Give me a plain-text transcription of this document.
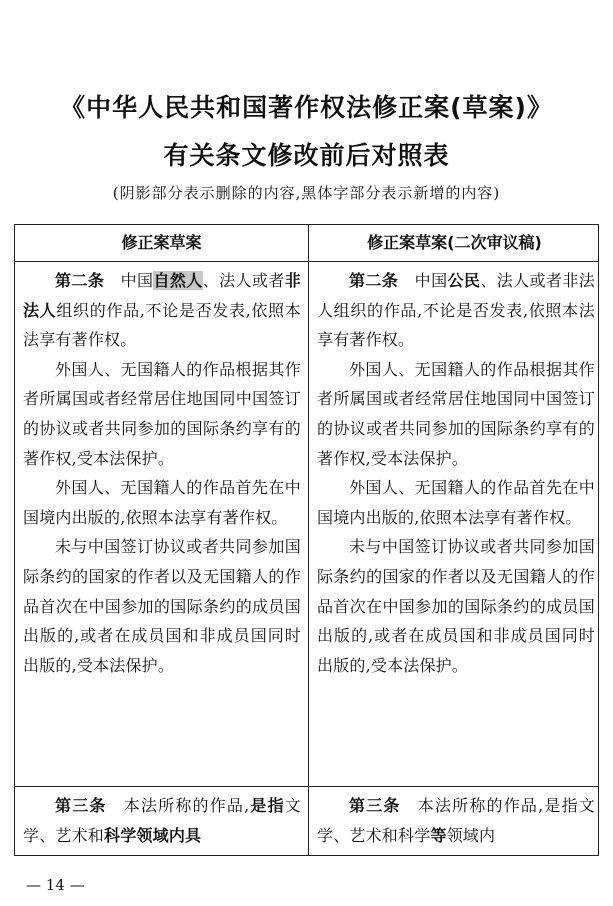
《中华人民共和国著作权法修正案(草案)》
有关条文修改前后对照表
(阴影部分表示删除的内容,黑体字部分表示新增的内容)
修正案草案	修正案草案(二次审议稿)

第二条  中国自然人、法人或者非法人组织的作品,不论是否发表,依照本法享有著作权。

外国人、无国籍人的作品根据其作者所属国或者经常居住地国同中国签订的协议或者共同参加的国际条约享有的著作权,受本法保护。

外国人、无国籍人的作品首先在中国境内出版的,依照本法享有著作权。

未与中国签订协议或者共同参加国际条约的国家的作者以及无国籍人的作品首次在中国参加的国际条约的成员国出版的,或者在成员国和非成员国同时出版的,受本法保护。

第二条  中国公民、法人或者非法人组织的作品,不论是否发表,依照本法享有著作权。

外国人、无国籍人的作品根据其作者所属国或者经常居住地国同中国签订的协议或者共同参加的国际条约享有的著作权,受本法保护。

外国人、无国籍人的作品首先在中国境内出版的,依照本法享有著作权。

未与中国签订协议或者共同参加国际条约的国家的作者以及无国籍人的作品首次在中国参加的国际条约的成员国出版的,或者在成员国和非成员国同时出版的,受本法保护。

第三条  本法所称的作品,是指文学、艺术和科学领域内具

第三条  本法所称的作品,是指文学、艺术和科学等领域内

— 14 —
